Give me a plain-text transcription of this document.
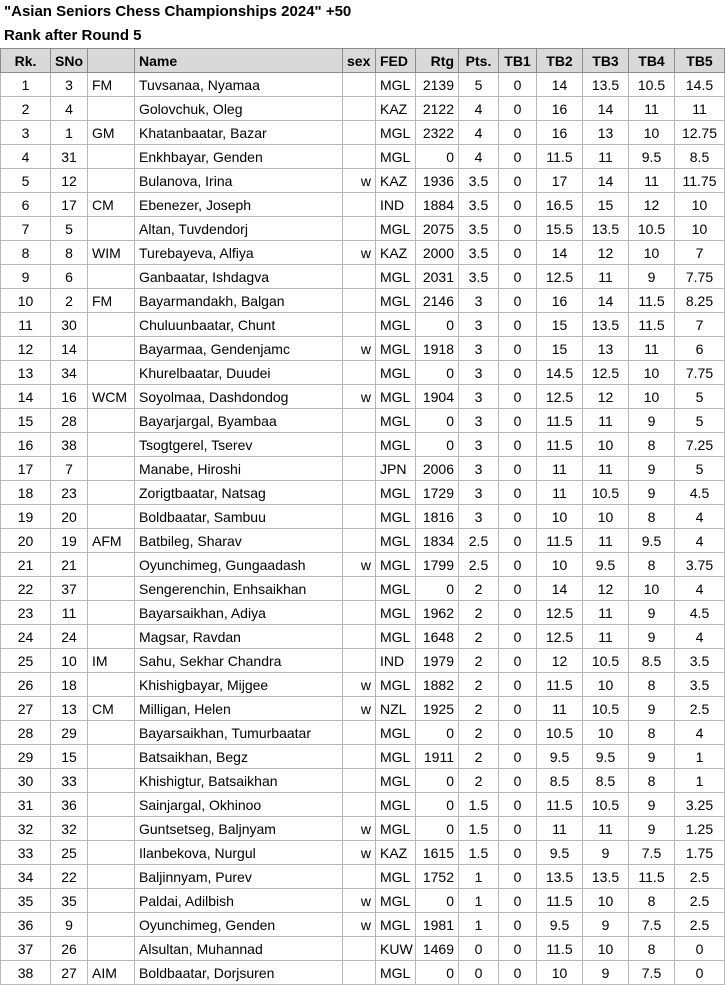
"Asian Seniors Chess Championships 2024" +50
Rank after Round 5
Rk.	SNo		Name	sex	FED	Rtg	Pts.	TB1	TB2	TB3	TB4	TB5
1	3	FM	Tuvsanaa, Nyamaa		MGL	2139	5	0	14	13.5	10.5	14.5
2	4		Golovchuk, Oleg		KAZ	2122	4	0	16	14	11	11
3	1	GM	Khatanbaatar, Bazar		MGL	2322	4	0	16	13	10	12.75
4	31		Enkhbayar, Genden		MGL	0	4	0	11.5	11	9.5	8.5
5	12		Bulanova, Irina	w	KAZ	1936	3.5	0	17	14	11	11.75
6	17	CM	Ebenezer, Joseph		IND	1884	3.5	0	16.5	15	12	10
7	5		Altan, Tuvdendorj		MGL	2075	3.5	0	15.5	13.5	10.5	10
8	8	WIM	Turebayeva, Alfiya	w	KAZ	2000	3.5	0	14	12	10	7
9	6		Ganbaatar, Ishdagva		MGL	2031	3.5	0	12.5	11	9	7.75
10	2	FM	Bayarmandakh, Balgan		MGL	2146	3	0	16	14	11.5	8.25
11	30		Chuluunbaatar, Chunt		MGL	0	3	0	15	13.5	11.5	7
12	14		Bayarmaa, Gendenjamc	w	MGL	1918	3	0	15	13	11	6
13	34		Khurelbaatar, Duudei		MGL	0	3	0	14.5	12.5	10	7.75
14	16	WCM	Soyolmaa, Dashdondog	w	MGL	1904	3	0	12.5	12	10	5
15	28		Bayarjargal, Byambaa		MGL	0	3	0	11.5	11	9	5
16	38		Tsogtgerel, Tserev		MGL	0	3	0	11.5	10	8	7.25
17	7		Manabe, Hiroshi		JPN	2006	3	0	11	11	9	5
18	23		Zorigtbaatar, Natsag		MGL	1729	3	0	11	10.5	9	4.5
19	20		Boldbaatar, Sambuu		MGL	1816	3	0	10	10	8	4
20	19	AFM	Batbileg, Sharav		MGL	1834	2.5	0	11.5	11	9.5	4
21	21		Oyunchimeg, Gungaadash	w	MGL	1799	2.5	0	10	9.5	8	3.75
22	37		Sengerenchin, Enhsaikhan		MGL	0	2	0	14	12	10	4
23	11		Bayarsaikhan, Adiya		MGL	1962	2	0	12.5	11	9	4.5
24	24		Magsar, Ravdan		MGL	1648	2	0	12.5	11	9	4
25	10	IM	Sahu, Sekhar Chandra		IND	1979	2	0	12	10.5	8.5	3.5
26	18		Khishigbayar, Mijgee	w	MGL	1882	2	0	11.5	10	8	3.5
27	13	CM	Milligan, Helen	w	NZL	1925	2	0	11	10.5	9	2.5
28	29		Bayarsaikhan, Tumurbaatar		MGL	0	2	0	10.5	10	8	4
29	15		Batsaikhan, Begz		MGL	1911	2	0	9.5	9.5	9	1
30	33		Khishigtur, Batsaikhan		MGL	0	2	0	8.5	8.5	8	1
31	36		Sainjargal, Okhinoo		MGL	0	1.5	0	11.5	10.5	9	3.25
32	32		Guntsetseg, Baljnyam	w	MGL	0	1.5	0	11	11	9	1.25
33	25		Ilanbekova, Nurgul	w	KAZ	1615	1.5	0	9.5	9	7.5	1.75
34	22		Baljinnyam, Purev		MGL	1752	1	0	13.5	13.5	11.5	2.5
35	35		Paldai, Adilbish	w	MGL	0	1	0	11.5	10	8	2.5
36	9		Oyunchimeg, Genden	w	MGL	1981	1	0	9.5	9	7.5	2.5
37	26		Alsultan, Muhannad		KUW	1469	0	0	11.5	10	8	0
38	27	AIM	Boldbaatar, Dorjsuren		MGL	0	0	0	10	9	7.5	0
